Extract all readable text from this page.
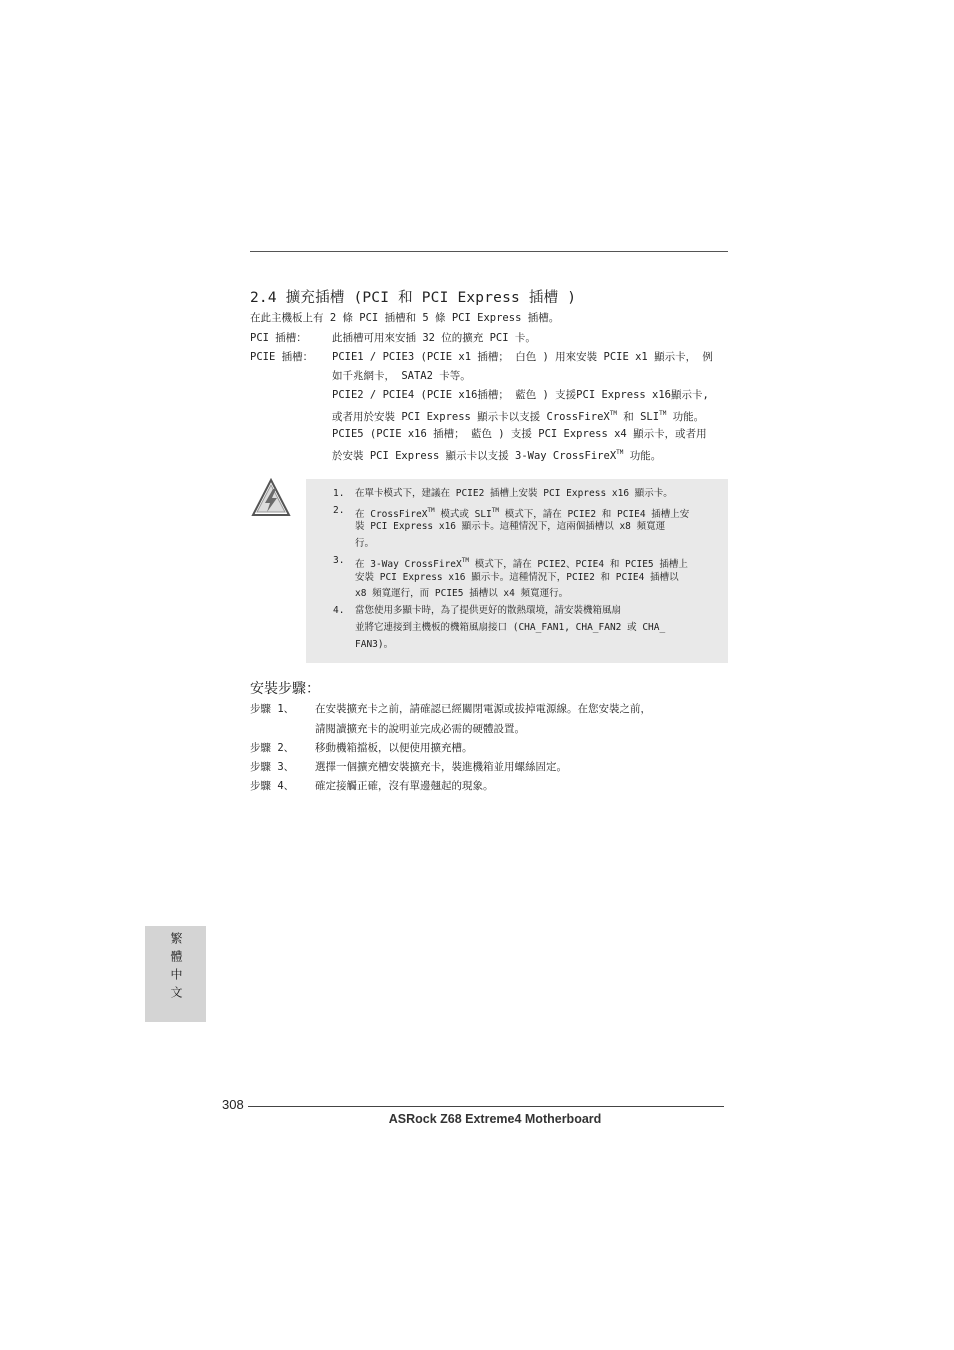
2.4 擴充插槽 (PCI 和 PCI Express 插槽 )
在此主機板上有 2 條 PCI 插槽和 5 條 PCI Express 插槽。
PCI 插槽： 此插槽可用來安插 32 位的擴充 PCI 卡。
PCIE 插槽： PCIE1 / PCIE3 (PCIE x1 插槽； 白色 ) 用來安裝 PCIE x1 顯示卡， 例
如千兆網卡， SATA2 卡等。
PCIE2 / PCIE4 (PCIE x16插槽； 藍色 ) 支援PCI Express x16顯示卡,
或者用於安裝 PCI Express 顯示卡以支援 CrossFireX™ 和 SLI™ 功能。
PCIE5 (PCIE x16 插槽； 藍色 ) 支援 PCI Express x4 顯示卡，或者用
於安裝 PCI Express 顯示卡以支援 3-Way CrossFireX™ 功能。
1. 在單卡模式下，建議在 PCIE2 插槽上安裝 PCI Express x16 顯示卡。
2. 在 CrossFireX™ 模式或 SLI™ 模式下，請在 PCIE2 和 PCIE4 插槽上安
裝 PCI Express x16 顯示卡。這種情況下，這兩個插槽以 x8 頻寬運
行。
3. 在 3-Way CrossFireX™ 模式下，請在 PCIE2、PCIE4 和 PCIE5 插槽上
安裝 PCI Express x16 顯示卡。這種情況下，PCIE2 和 PCIE4 插槽以
x8 頻寬運行，而 PCIE5 插槽以 x4 頻寬運行。
4. 當您使用多顯卡時，為了提供更好的散熱環境，請安裝機箱風扇
並將它連接到主機板的機箱風扇接口 (CHA_FAN1, CHA_FAN2 或 CHA_
FAN3)。
安裝步驟：
步驟 1、 在安裝擴充卡之前，請確認已經關閉電源或拔掉電源線。在您安裝之前，
請閱讀擴充卡的說明並完成必需的硬體設置。
步驟 2、 移動機箱擋板，以便使用擴充槽。
步驟 3、 選擇一個擴充槽安裝擴充卡，裝進機箱並用螺絲固定。
步驟 4、 確定接觸正確，沒有單邊翹起的現象。
繁體中文
308
ASRock Z68 Extreme4 Motherboard
